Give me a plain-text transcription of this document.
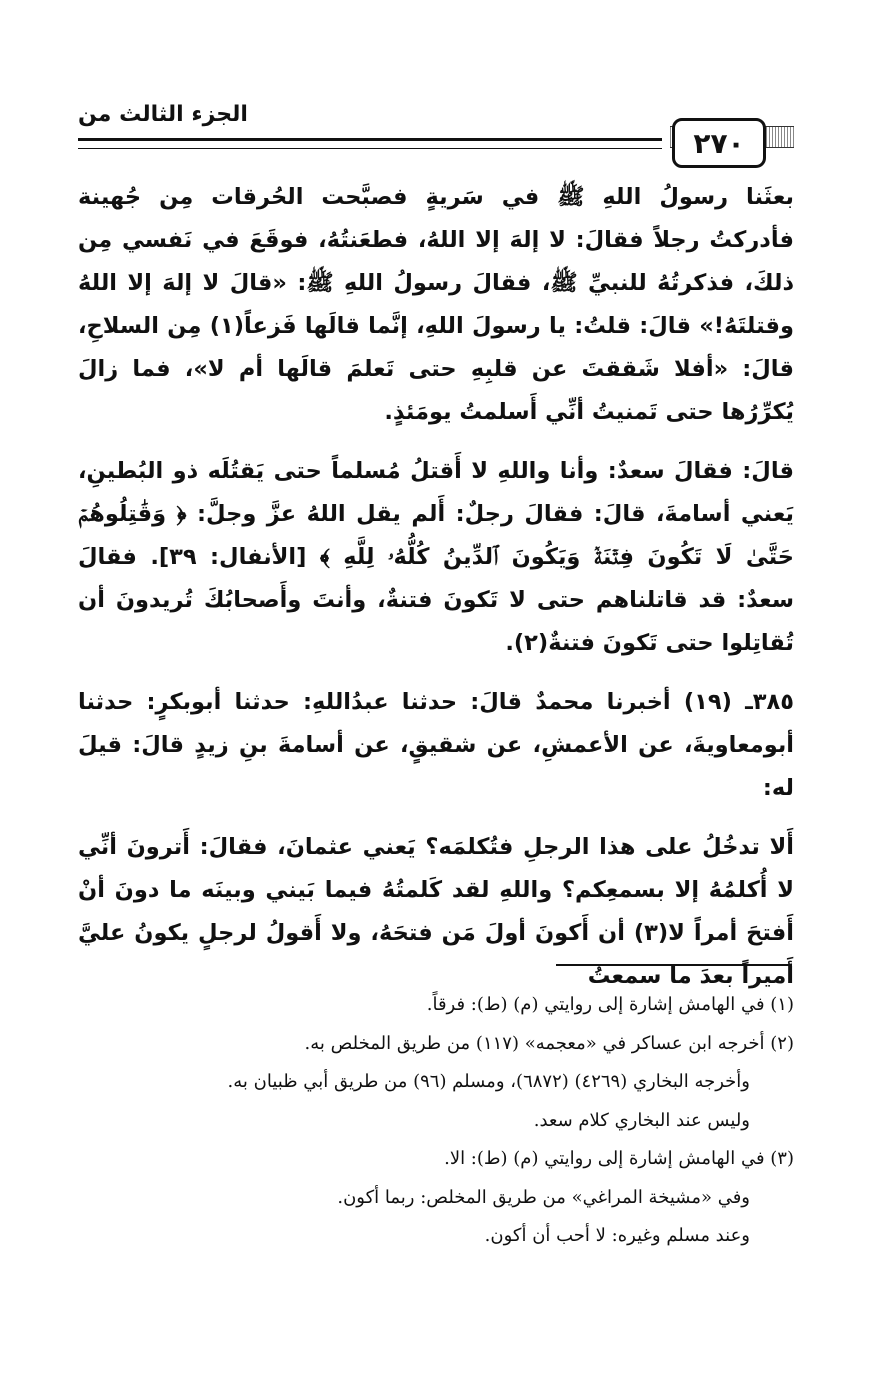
الجزء الثالث من
٢٧٠

بعثَنا رسولُ اللهِ ﷺ في سَريةٍ فصبَّحت الحُرقات مِن جُهينة فأدركتُ رجلاً فقالَ: لا إلهَ إلا اللهُ، فطعَنتُهُ، فوقَعَ في نَفسي مِن ذلكَ، فذكرتُهُ للنبيِّ ﷺ، فقالَ رسولُ اللهِ ﷺ: «قالَ لا إلهَ إلا اللهُ وقتلتَهُ!» قالَ: قلتُ: يا رسولَ اللهِ، إنَّما قالَها فَزعاً(١) مِن السلاحِ، قالَ: «أفلا شَققتَ عن قلبِهِ حتى تَعلمَ قالَها أم لا»، فما زالَ يُكرِّرُها حتى تَمنيتُ أنِّي أَسلمتُ يومَئذٍ.

قالَ: فقالَ سعدٌ: وأنا واللهِ لا أَقتلُ مُسلماً حتى يَقتُلَه ذو البُطينِ، يَعني أسامةَ، قالَ: فقالَ رجلٌ: أَلم يقل اللهُ عزَّ وجلَّ: ﴿ وَقَٰتِلُوهُمۡ حَتَّىٰ لَا تَكُونَ فِتۡنَةٞ وَيَكُونَ ٱلدِّينُ كُلُّهُۥ لِلَّهِ ﴾ [الأنفال: ٣٩]. فقالَ سعدٌ: قد قاتلناهم حتى لا تَكونَ فتنةٌ، وأنتَ وأَصحابُكَ تُريدونَ أن تُقاتِلوا حتى تَكونَ فتنةٌ(٢).

٣٨٥ـ (١٩) أخبرنا محمدٌ قالَ: حدثنا عبدُاللهِ: حدثنا أبوبكرٍ: حدثنا أبومعاويةَ، عن الأعمشِ، عن شقيقٍ، عن أسامةَ بنِ زيدٍ قالَ: قيلَ له:

أَلا تدخُلُ على هذا الرجلِ فتُكلمَه؟ يَعني عثمانَ، فقالَ: أَترونَ أنِّي لا أُكلمُهُ إلا بسمعِكم؟ واللهِ لقد كَلمتُهُ فيما بَيني وبينَه ما دونَ أنْ أَفتحَ أمراً لا(٣) أن أَكونَ أولَ مَن فتحَهُ، ولا أَقولُ لرجلٍ يكونُ عليَّ أَميراً بعدَ ما سمعتُ

(١) في الهامش إشارة إلى روايتي (م) (ط): فرقاً.
(٢) أخرجه ابن عساكر في «معجمه» (١١٧) من طريق المخلص به.
وأخرجه البخاري (٤٢٦٩) (٦٨٧٢)، ومسلم (٩٦) من طريق أبي ظبيان به.
وليس عند البخاري كلام سعد.
(٣) في الهامش إشارة إلى روايتي (م) (ط): الا.
وفي «مشيخة المراغي» من طريق المخلص: ربما أكون.
وعند مسلم وغيره: لا أحب أن أكون.
